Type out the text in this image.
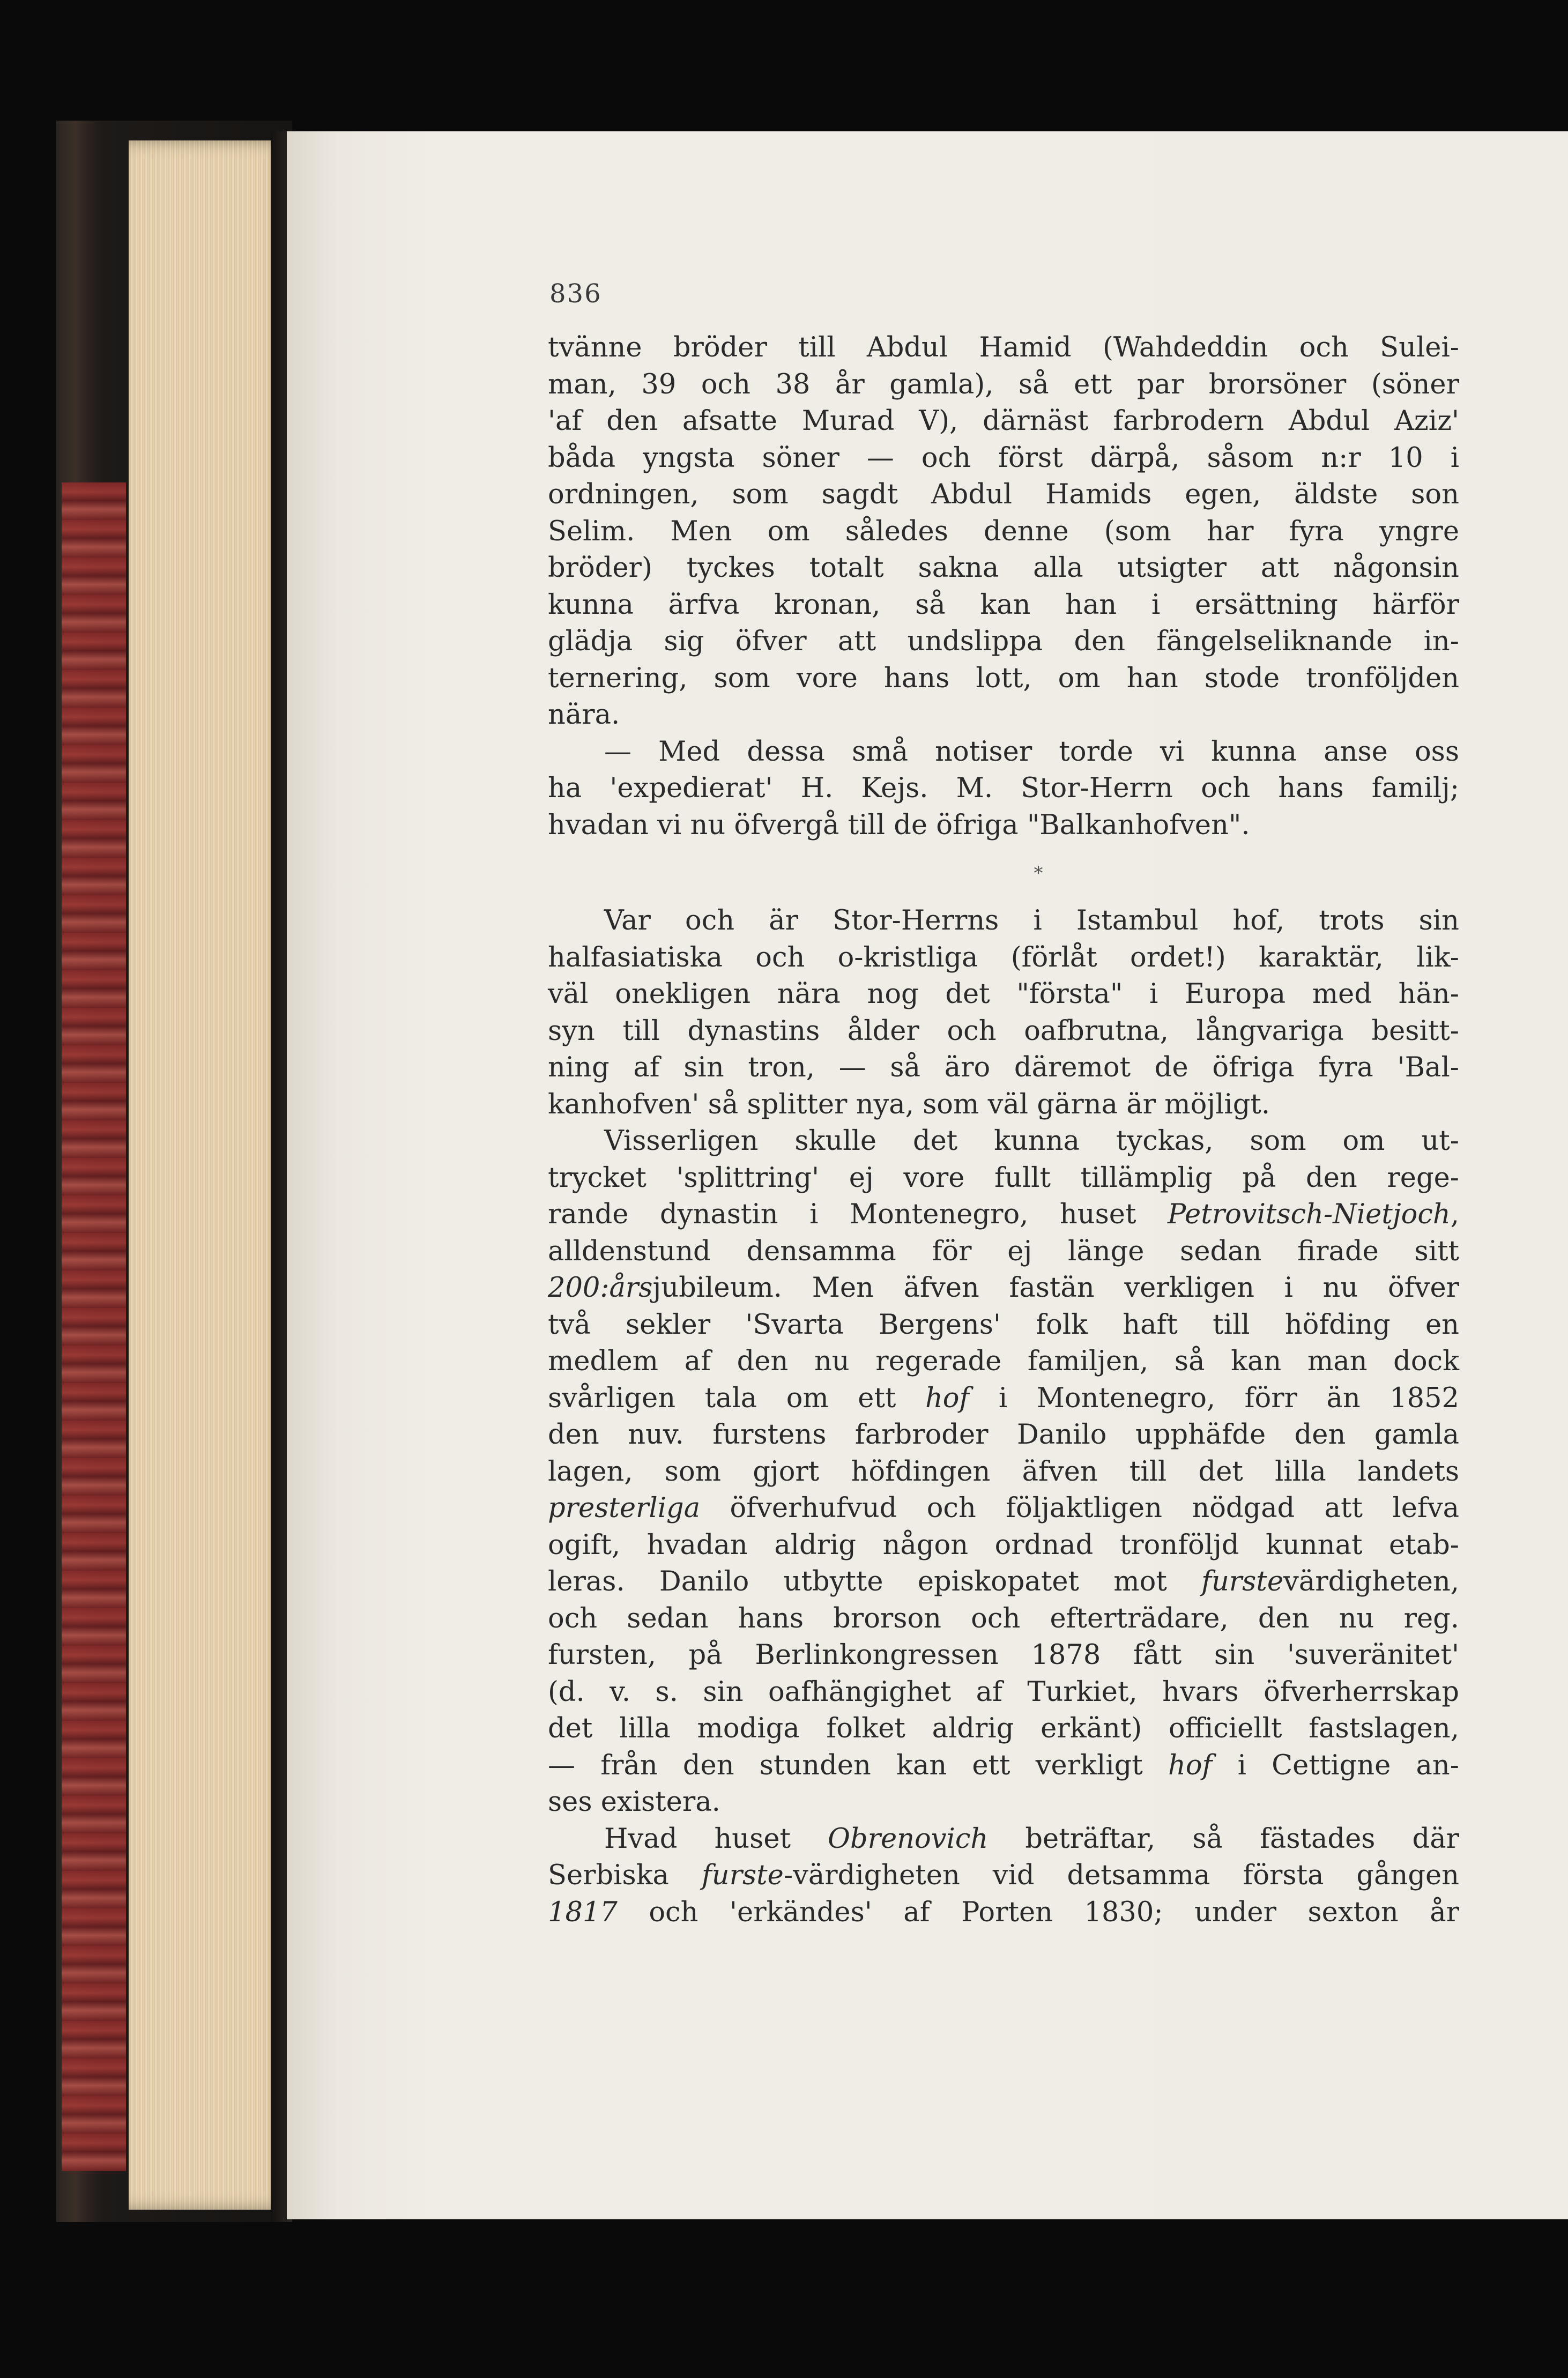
836
tvänne bröder till Abdul Hamid (Wahdeddin och Sulei-
man, 39 och 38 år gamla), så ett par brorsöner (söner
'af den afsatte Murad V), därnäst farbrodern Abdul Aziz'
båda yngsta söner — och först därpå, såsom n:r 10 i
ordningen, som sagdt Abdul Hamids egen, äldste son
Selim. Men om således denne (som har fyra yngre
bröder) tyckes totalt sakna alla utsigter att någonsin
kunna ärfva kronan, så kan han i ersättning härför
glädja sig öfver att undslippa den fängelseliknande in-
ternering, som vore hans lott, om han stode tronföljden
nära.
— Med dessa små notiser torde vi kunna anse oss
ha 'expedierat' H. Kejs. M. Stor-Herrn och hans familj;
hvadan vi nu öfvergå till de öfriga "Balkanhofven".
*
Var och är Stor-Herrns i Istambul hof, trots sin
halfasiatiska och o-kristliga (förlåt ordet!) karaktär, lik-
väl onekligen nära nog det "första" i Europa med hän-
syn till dynastins ålder och oafbrutna, långvariga besitt-
ning af sin tron, — så äro däremot de öfriga fyra 'Bal-
kanhofven' så splitter nya, som väl gärna är möjligt.
Visserligen skulle det kunna tyckas, som om ut-
trycket 'splittring' ej vore fullt tillämplig på den rege-
rande dynastin i Montenegro, huset Petrovitsch-Nietjoch,
alldenstund densamma för ej länge sedan firade sitt
200:årsjubileum. Men äfven fastän verkligen i nu öfver
två sekler 'Svarta Bergens' folk haft till höfding en
medlem af den nu regerade familjen, så kan man dock
svårligen tala om ett hof i Montenegro, förr än 1852
den nuv. furstens farbroder Danilo upphäfde den gamla
lagen, som gjort höfdingen äfven till det lilla landets
presterliga öfverhufvud och följaktligen nödgad att lefva
ogift, hvadan aldrig någon ordnad tronföljd kunnat etab-
leras. Danilo utbytte episkopatet mot furstevärdigheten,
och sedan hans brorson och efterträdare, den nu reg.
fursten, på Berlinkongressen 1878 fått sin 'suveränitet'
(d. v. s. sin oafhängighet af Turkiet, hvars öfverherrskap
det lilla modiga folket aldrig erkänt) officiellt fastslagen,
— från den stunden kan ett verkligt hof i Cettigne an-
ses existera.
Hvad huset Obrenovich beträftar, så fästades där
Serbiska furste-värdigheten vid detsamma första gången
1817 och 'erkändes' af Porten 1830; under sexton år
